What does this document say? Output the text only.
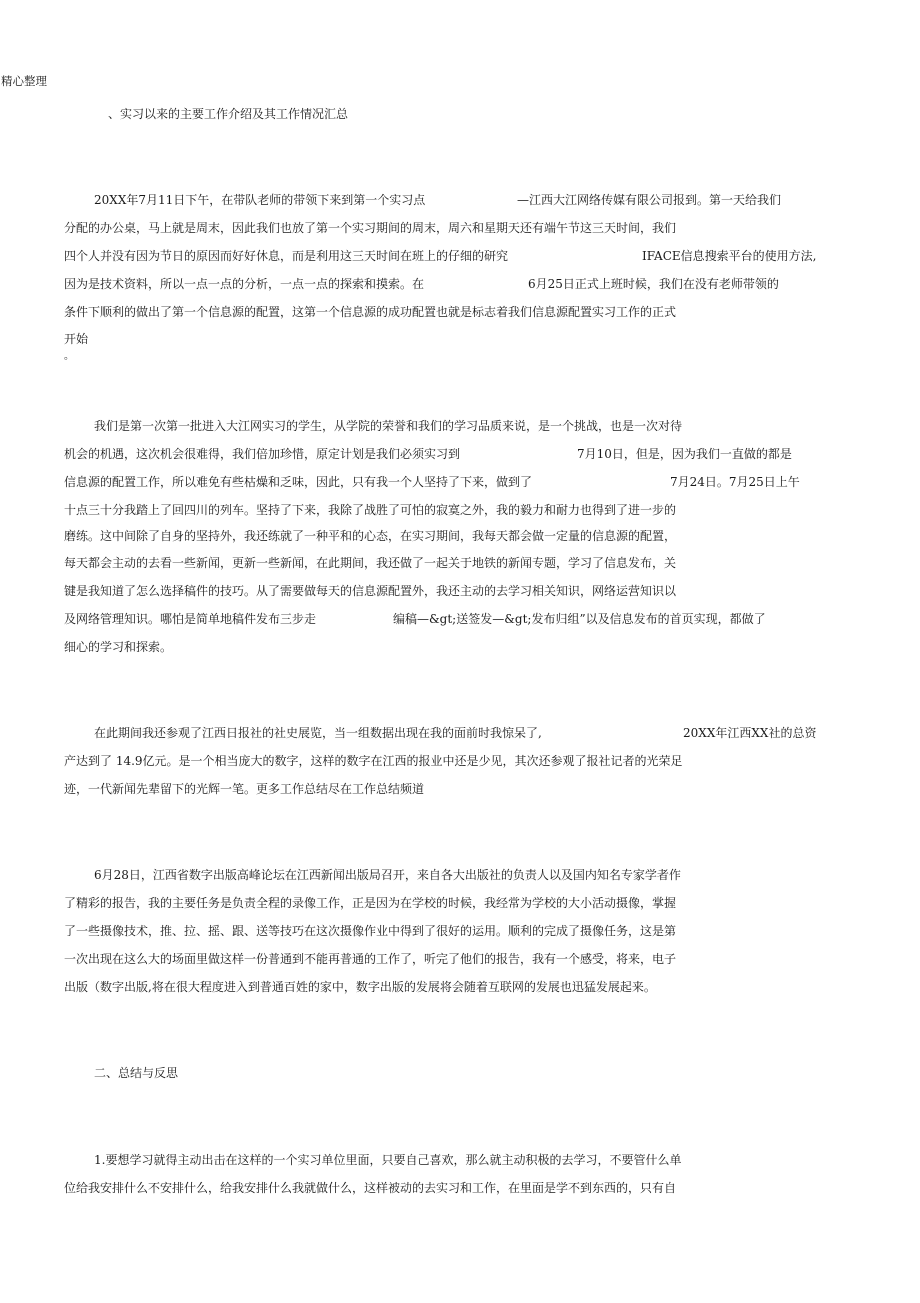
精心整理
、实习以来的主要工作介绍及其工作情况汇总
20XX年7月11日下午，在带队老师的带领下来到第一个实习点	—江西大江网络传媒有限公司报到。第一天给我们
分配的办公桌，马上就是周末，因此我们也放了第一个实习期间的周末，周六和星期天还有端午节这三天时间，我们
四个人并没有因为节日的原因而好好休息，而是利用这三天时间在班上的仔细的研究	IFACE信息搜索平台的使用方法,
因为是技术资料，所以一点一点的分析，一点一点的探索和摸索。在	6月25日正式上班时候，我们在没有老师带领的
条件下顺利的做出了第一个信息源的配置，这第一个信息源的成功配置也就是标志着我们信息源配置实习工作的正式
开始
。
我们是第一次第一批进入大江网实习的学生，从学院的荣誉和我们的学习品质来说，是一个挑战，也是一次对待
机会的机遇，这次机会很难得，我们倍加珍惜，原定计划是我们必须实习到	7月10日，但是，因为我们一直做的都是
信息源的配置工作，所以难免有些枯燥和乏味，因此，只有我一个人坚持了下来，做到了	7月24日。7月25日上午
十点三十分我踏上了回四川的列车。坚持了下来，我除了战胜了可怕的寂寞之外，我的毅力和耐力也得到了进一步的
磨练。这中间除了自身的坚持外，我还练就了一种平和的心态，在实习期间，我每天都会做一定量的信息源的配置，
每天都会主动的去看一些新闻，更新一些新闻，在此期间，我还做了一起关于地铁的新闻专题，学习了信息发布，关
键是我知道了怎么选择稿件的技巧。从了需要做每天的信息源配置外，我还主动的去学习相关知识，网络运营知识以
及网络管理知识。哪怕是简单地稿件发布三步走	编稿—&gt;送签发—&gt;发布归组”以及信息发布的首页实现，都做了
细心的学习和探索。
在此期间我还参观了江西日报社的社史展览，当一组数据出现在我的面前时我惊呆了,	20XX年江西XX社的总资
产达到了 14.9亿元。是一个相当庞大的数字，这样的数字在江西的报业中还是少见，其次还参观了报社记者的光荣足
迹，一代新闻先辈留下的光辉一笔。更多工作总结尽在工作总结频道
6月28日，江西省数字出版高峰论坛在江西新闻出版局召开，来自各大出版社的负责人以及国内知名专家学者作
了精彩的报告，我的主要任务是负责全程的录像工作，正是因为在学校的时候，我经常为学校的大小活动摄像，掌握
了一些摄像技术，推、拉、摇、跟、送等技巧在这次摄像作业中得到了很好的运用。顺利的完成了摄像任务，这是第
一次出现在这么大的场面里做这样一份普通到不能再普通的工作了，听完了他们的报告，我有一个感受，将来，电子
出版（数字出版,将在很大程度进入到普通百姓的家中，数字出版的发展将会随着互联网的发展也迅猛发展起来。
二、总结与反思
1.要想学习就得主动出击在这样的一个实习单位里面，只要自己喜欢，那么就主动积极的去学习，不要管什么单
位给我安排什么不安排什么，给我安排什么我就做什么，这样被动的去实习和工作，在里面是学不到东西的，只有自
